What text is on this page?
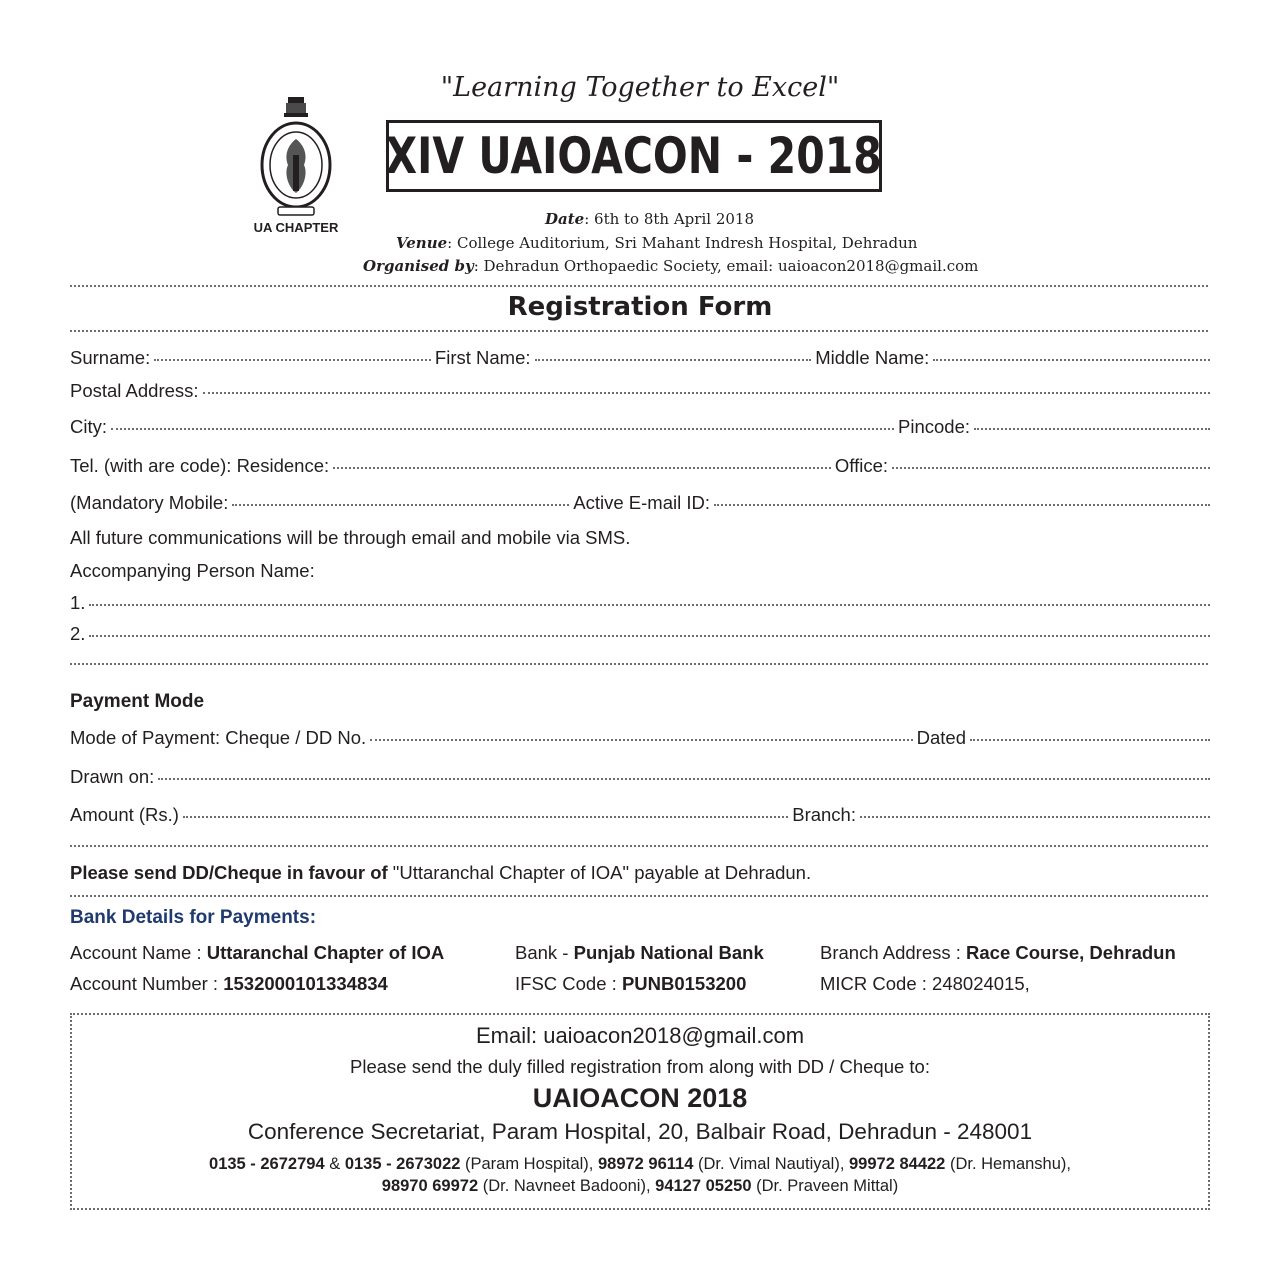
UA CHAPTER
"Learning Together to Excel"
XIV UAIOACON - 2018
Date: 6th to 8th April 2018
Venue: College Auditorium, Sri Mahant Indresh Hospital, Dehradun
Organised by: Dehradun Orthopaedic Society, email: uaioacon2018@gmail.com
Registration Form
Surname:	First Name:	Middle Name:
Postal Address:
City:	Pincode:
Tel. (with are code): Residence:	Office:
(Mandatory Mobile:	Active E-mail ID:
All future communications will be through email and mobile via SMS.
Accompanying Person Name:
1.
2.
Payment Mode
Mode of Payment: Cheque / DD No.	Dated
Drawn on:
Amount (Rs.)	Branch:
Please send DD/Cheque in favour of "Uttaranchal Chapter of IOA" payable at Dehradun.
Bank Details for Payments:
Account Name : Uttaranchal Chapter of IOA	Bank - Punjab National Bank	Branch Address : Race Course, Dehradun
Account Number : 1532000101334834	IFSC Code : PUNB0153200	MICR Code : 248024015,
Email: uaioacon2018@gmail.com
Please send the duly filled registration from along with DD / Cheque to:
UAIOACON 2018
Conference Secretariat, Param Hospital, 20, Balbair Road, Dehradun - 248001
0135 - 2672794 & 0135 - 2673022 (Param Hospital), 98972 96114 (Dr. Vimal Nautiyal), 99972 84422 (Dr. Hemanshu),
98970 69972 (Dr. Navneet Badooni), 94127 05250 (Dr. Praveen Mittal)
